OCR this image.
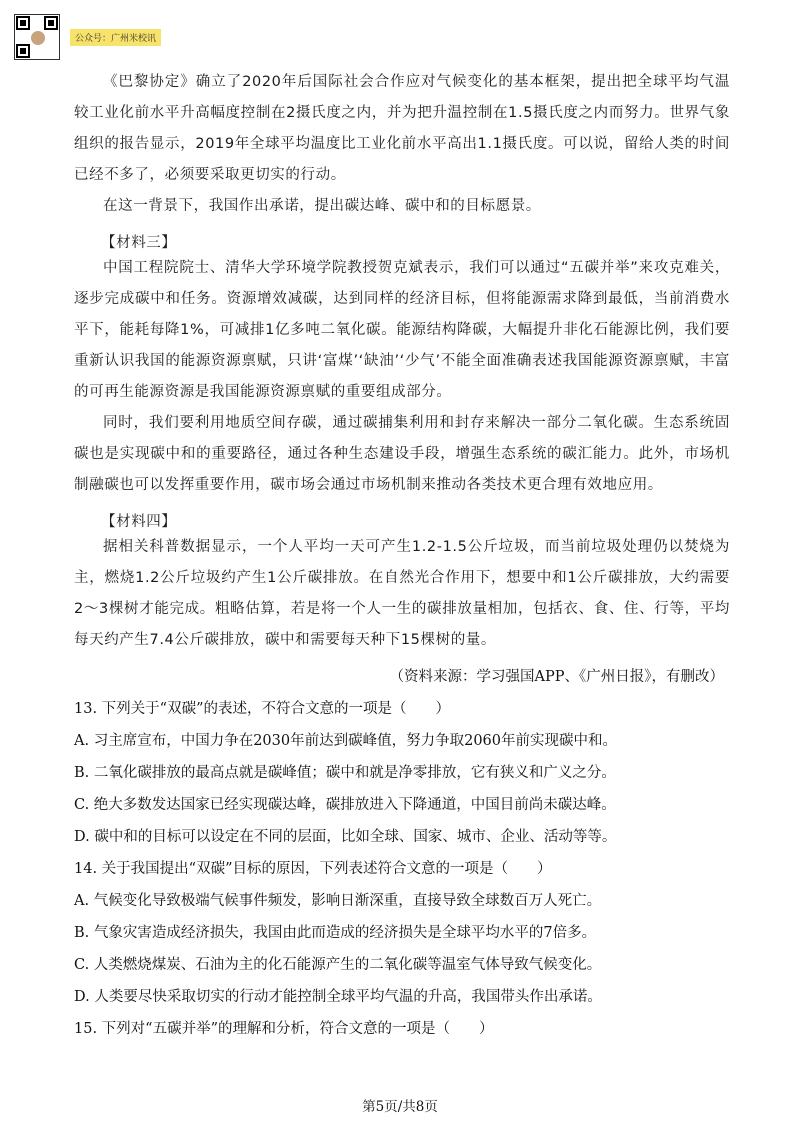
公众号：广州米校讯

《巴黎协定》确立了2020年后国际社会合作应对气候变化的基本框架，提出把全球平均气温较工业化前水平升高幅度控制在2摄氏度之内，并为把升温控制在1.5摄氏度之内而努力。世界气象组织的报告显示，2019年全球平均温度比工业化前水平高出1.1摄氏度。可以说，留给人类的时间已经不多了，必须要采取更切实的行动。

在这一背景下，我国作出承诺，提出碳达峰、碳中和的目标愿景。

【材料三】

中国工程院院士、清华大学环境学院教授贺克斌表示，我们可以通过“五碳并举”来攻克难关，逐步完成碳中和任务。资源增效减碳，达到同样的经济目标，但将能源需求降到最低，当前消费水平下，能耗每降1%，可减排1亿多吨二氧化碳。能源结构降碳，大幅提升非化石能源比例，我们要重新认识我国的能源资源禀赋，只讲‘富煤’‘缺油’‘少气’不能全面准确表述我国能源资源禀赋，丰富的可再生能源资源是我国能源资源禀赋的重要组成部分。

同时，我们要利用地质空间存碳，通过碳捕集利用和封存来解决一部分二氧化碳。生态系统固碳也是实现碳中和的重要路径，通过各种生态建设手段，增强生态系统的碳汇能力。此外，市场机制融碳也可以发挥重要作用，碳市场会通过市场机制来推动各类技术更合理有效地应用。

【材料四】

据相关科普数据显示，一个人平均一天可产生1.2-1.5公斤垃圾，而当前垃圾处理仍以焚烧为主，燃烧1.2公斤垃圾约产生1公斤碳排放。在自然光合作用下，想要中和1公斤碳排放，大约需要2～3棵树才能完成。粗略估算，若是将一个人一生的碳排放量相加，包括衣、食、住、行等，平均每天约产生7.4公斤碳排放，碳中和需要每天种下15棵树的量。

（资料来源：学习强国APP、《广州日报》，有删改）

13. 下列关于“双碳”的表述，不符合文意的一项是（　　）

A. 习主席宣布，中国力争在2030年前达到碳峰值，努力争取2060年前实现碳中和。

B. 二氧化碳排放的最高点就是碳峰值；碳中和就是净零排放，它有狭义和广义之分。

C. 绝大多数发达国家已经实现碳达峰，碳排放进入下降通道，中国目前尚未碳达峰。

D. 碳中和的目标可以设定在不同的层面，比如全球、国家、城市、企业、活动等等。

14. 关于我国提出“双碳”目标的原因，下列表述符合文意的一项是（　　）

A. 气候变化导致极端气候事件频发，影响日渐深重，直接导致全球数百万人死亡。

B. 气象灾害造成经济损失，我国由此而造成的经济损失是全球平均水平的7倍多。

C. 人类燃烧煤炭、石油为主的化石能源产生的二氧化碳等温室气体导致气候变化。

D. 人类要尽快采取切实的行动才能控制全球平均气温的升高，我国带头作出承诺。

15. 下列对“五碳并举”的理解和分析，符合文意的一项是（　　）

第5页/共8页
